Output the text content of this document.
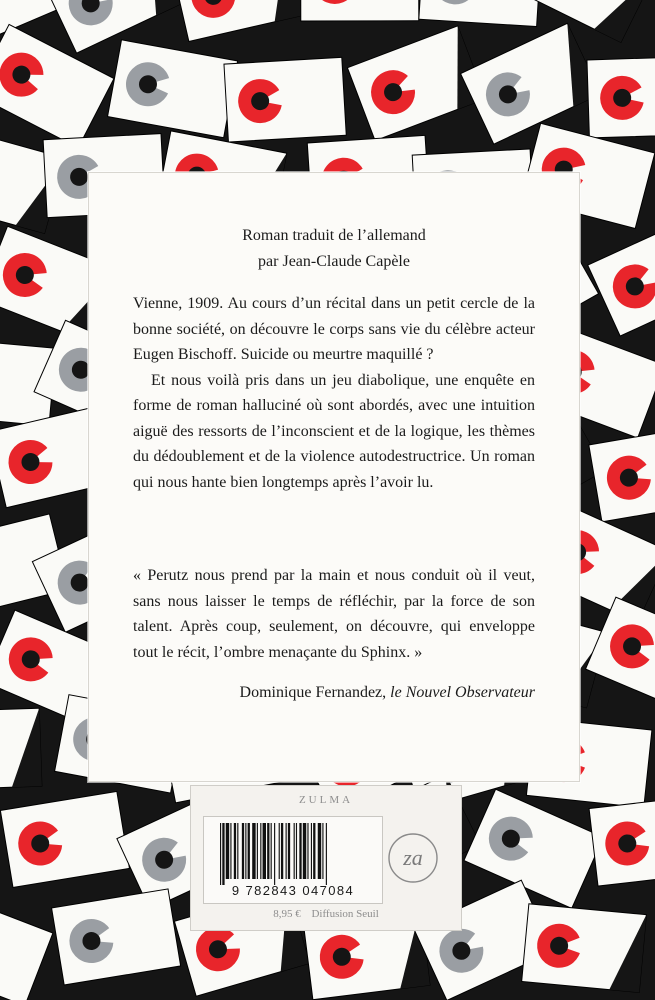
Roman traduit de l’allemand
par Jean-Claude Capèle

Vienne, 1909. Au cours d’un récital dans un petit cercle de la bonne société, on découvre le corps sans vie du célèbre acteur Eugen Bischoff. Suicide ou meurtre maquillé ?

Et nous voilà pris dans un jeu diabolique, une enquête en forme de roman halluciné où sont abordés, avec une intuition aiguë des ressorts de l’inconscient et de la logique, les thèmes du dédoublement et de la violence autodestructrice. Un roman qui nous hante bien longtemps après l’avoir lu.

« Perutz nous prend par la main et nous conduit où il veut, sans nous laisser le temps de réfléchir, par la force de son talent. Après coup, seulement, on découvre, qui enveloppe tout le récit, l’ombre menaçante du Sphinx. »

Dominique Fernandez, le Nouvel Observateur
ZULMA
9 782843 047084
za
8,95 € Diffusion Seuil
